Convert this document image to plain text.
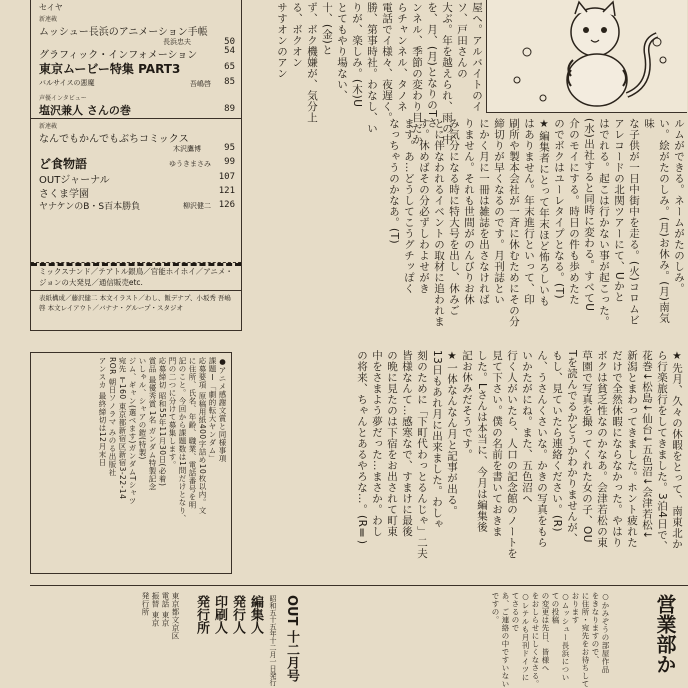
セイヤ
新連載
ムッシュー長浜のアニメーション手帳
長浜忠夫	50
グラフィック・インフォメーション	54
東京ムービー特集 PART3	65
バルサイスの悪魔	吾嶋啓 85
声優インタビュー
塩沢兼人 さんの巻	89
新連載
なんでもかんでもぶちコミックス
木沢鷹博	95
ど食物語	ゆうきまさみ 99
OUTジャーナル	107
さくま学園	121
ヤナケンのB・S百本勝負	柳沢健二 126
ミックスナンド／テアトル銀鳥／官能ホイホイ／アニメ・ジョンの大発見／通信販売etc.
表紙構成／藤沢健二 本文イラスト／わし、飯デナプ、小坂秀 吾嶋啓 本文レイアウト／バナナ・グループ・スタジオ
屋へ。アルバイトのイ
ソ、戸田さんの
大ぶ。年を越えられ、雨の中
を、月、(月)となりのTさ
ンネル、季節の変わり目だか
らチャンネル、タノネ
電話でイ様々、夜遅く。
勝、第事時社。わなし、い
りが、楽しみ。(木)U
とてもやり場ない、
十、(金)と
ず、ボク機嫌が、気分上
る、ボクオン
サすオンのアン
ルムができる。ネームがたのしみ。
い。絵がたのしみ。(月)お休み。(月)南気味
な子供が一日中街中を走る。(火)コロムビ
アレコードの北関ツアーにて、Uかと
はでれる。起こは行かない事が起こった。
(水)出社すると同時に変わる。すべてU
介のモイにする。時日の件も歩めたた
のでボクはユーレタイプとなる。(T)
★編集者にとって年末ほど怖ろしいも
はありません。年末進行といって、印
刷所や製本会社が一斉に休むためにその分
締切りが早くなるのです。月刊誌とい
にかく月に一冊は雑誌を出さなければ
りません。それも世間がのんびりお休
み気分になる時に特大号を出し、休みご
とに伴なわれるイベントの取材に追われま
す。休めばその分必ずしわよせがき
ます。あ…どうしてこうグチッぽく
なっちゃうのかなあ。(T)
●アニメ感謝文賞と同様事項
課題Ⅰ「劇的転大ヤンダム」
応募要項 原稿用紙400字詰め10枚以内。文
に住所、氏名、年齢、職業、電話番号を明
記のこと。今回から課題数は1問だけとなり、
門の二つに分けて募集します。
応募締切 昭和55年11月30日(必着)
賞品 最優秀賞 1名 ガンダム特製記念
いしゃル、シャアの鎧(特製)
ジム、ギャン(選べます)ガンダムTシャツ
宛先 〒160 東京都新宿区新宿3-22-14
ROR 朝日ソノラマ みのる出版社
アンスカ 最終締切は12月末日	★先月、久々の休暇をとって、南東北か
ら行楽旅行をしてきました。3泊4日で、
花巻↓松島↓仙台↓五色沼↓会津若松↓
新潟とまわってきました。ホント疲れた
だけで全然休暇にならなかった。やはり
ボクは貧乏性なのかなあ。会津若松の東
草園で写真を撮ってくれた女の子、OU
Tを読んでるかどうかわかりませんが、
もし、見ていたら連絡ください。(R)
ん、うさんくさいな。かきの写真をもら
いかたがにね。また、五色沼へ
行く人がいたら、人口の記念館のノートを
見て下さい。僕の名前を書いておきま
した。Lさんは本当に、今月は編集後
記お休みだそうです。
★一体なんなん月と記事が出る。
13日もあれ月に出来ました。わしゃ
刻のために「下町代わっとるんじゃ」二夫
皆様なんて…感寒なで、すまけに最後
の晩に見たのは下宿をお出されて町東
中をさまよう夢だった…まさか。わし
の将来、ちゃんとあるやろな…。(RⅡ)
東京都文京区
電話 東京
振替 東京
発行所	OUT 十二月号
昭和五十五年十二月一日発行
編集人
発行人
印刷人
発行所	○かみぞうの部屋作品
をきなりますので、
に住所・宛先をお待ちしております
○ムッシュー長浜についての投稿
の変更は先日、皆様へ
をおしらせにしくなさる。
○レテルも月刊ドイツにてさるので
あ、ご連絡の中ですいないですの。	営業部か
